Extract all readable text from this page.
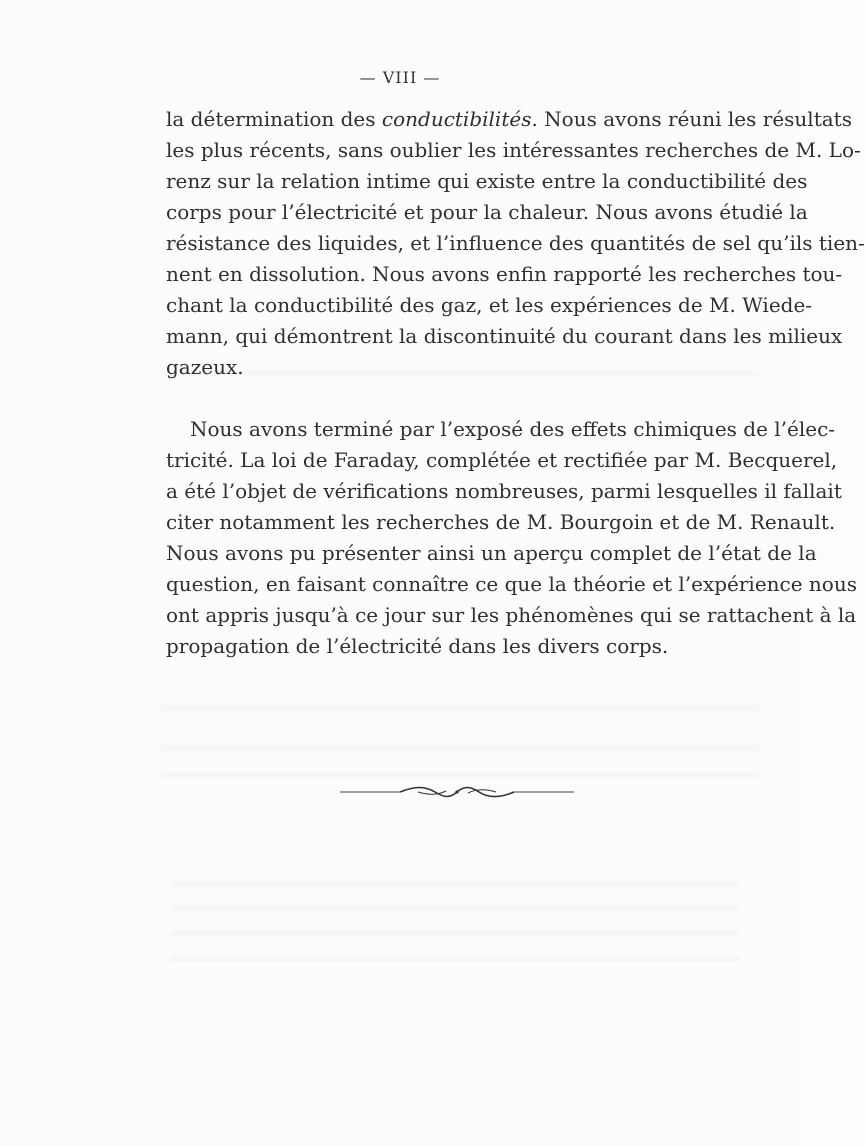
— VIII —
la détermination des conductibilités. Nous avons réuni les résultats
les plus récents, sans oublier les intéressantes recherches de M. Lo-
renz sur la relation intime qui existe entre la conductibilité des
corps pour l’électricité et pour la chaleur. Nous avons étudié la
résistance des liquides, et l’influence des quantités de sel qu’ils tien-
nent en dissolution. Nous avons enfin rapporté les recherches tou-
chant la conductibilité des gaz, et les expériences de M. Wiede-
mann, qui démontrent la discontinuité du courant dans les milieux
gazeux.
Nous avons terminé par l’exposé des effets chimiques de l’élec-
tricité. La loi de Faraday, complétée et rectifiée par M. Becquerel,
a été l’objet de vérifications nombreuses, parmi lesquelles il fallait
citer notamment les recherches de M. Bourgoin et de M. Renault.
Nous avons pu présenter ainsi un aperçu complet de l’état de la
question, en faisant connaître ce que la théorie et l’expérience nous
ont appris jusqu’à ce jour sur les phénomènes qui se rattachent à la
propagation de l’électricité dans les divers corps.
